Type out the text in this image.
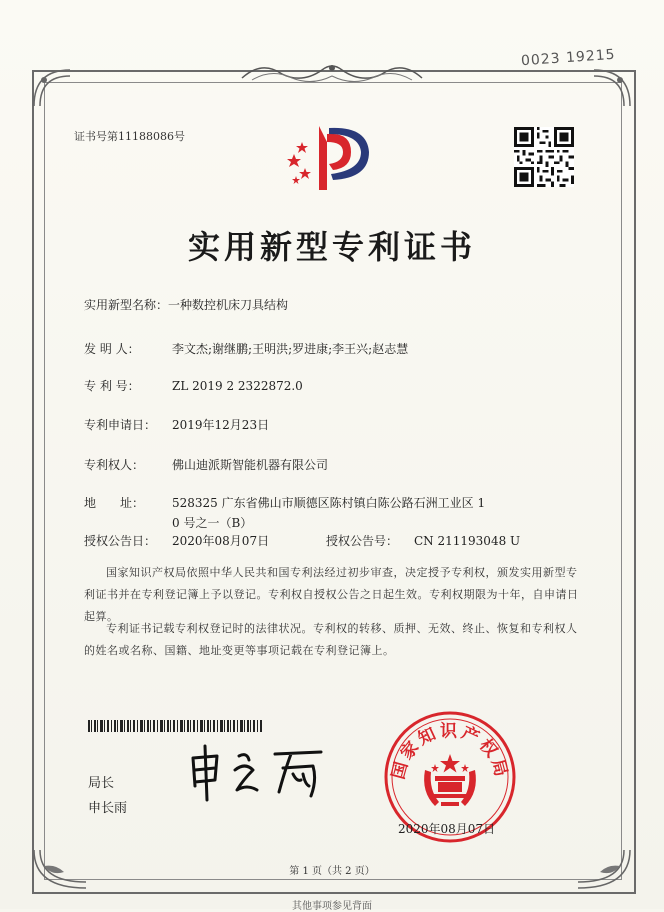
0023 19215
证书号第11188086号
实用新型专利证书
实用新型名称：一种数控机床刀具结构
发 明 人：	李文杰;谢继鹏;王明洪;罗进康;李王兴;赵志慧
专 利 号：	ZL 2019 2 2322872.0
专利申请日： 2019年12月23日
专利权人： 佛山迪派斯智能机器有限公司
地　　址： 528325 广东省佛山市顺德区陈村镇白陈公路石洲工业区 1
0 号之一（B）
授权公告日： 2020年08月07日	授权公告号： CN 211193048 U
国家知识产权局依照中华人民共和国专利法经过初步审查，决定授予专利权，颁发实用新型专利证书并在专利登记簿上予以登记。专利权自授权公告之日起生效。专利权期限为十年，自申请日起算。
专利证书记载专利权登记时的法律状况。专利权的转移、质押、无效、终止、恢复和专利权人的姓名或名称、国籍、地址变更等事项记载在专利登记簿上。
局长
申长雨
国家知识产权局
2020年08月07日
第 1 页（共 2 页）
其他事项参见背面
